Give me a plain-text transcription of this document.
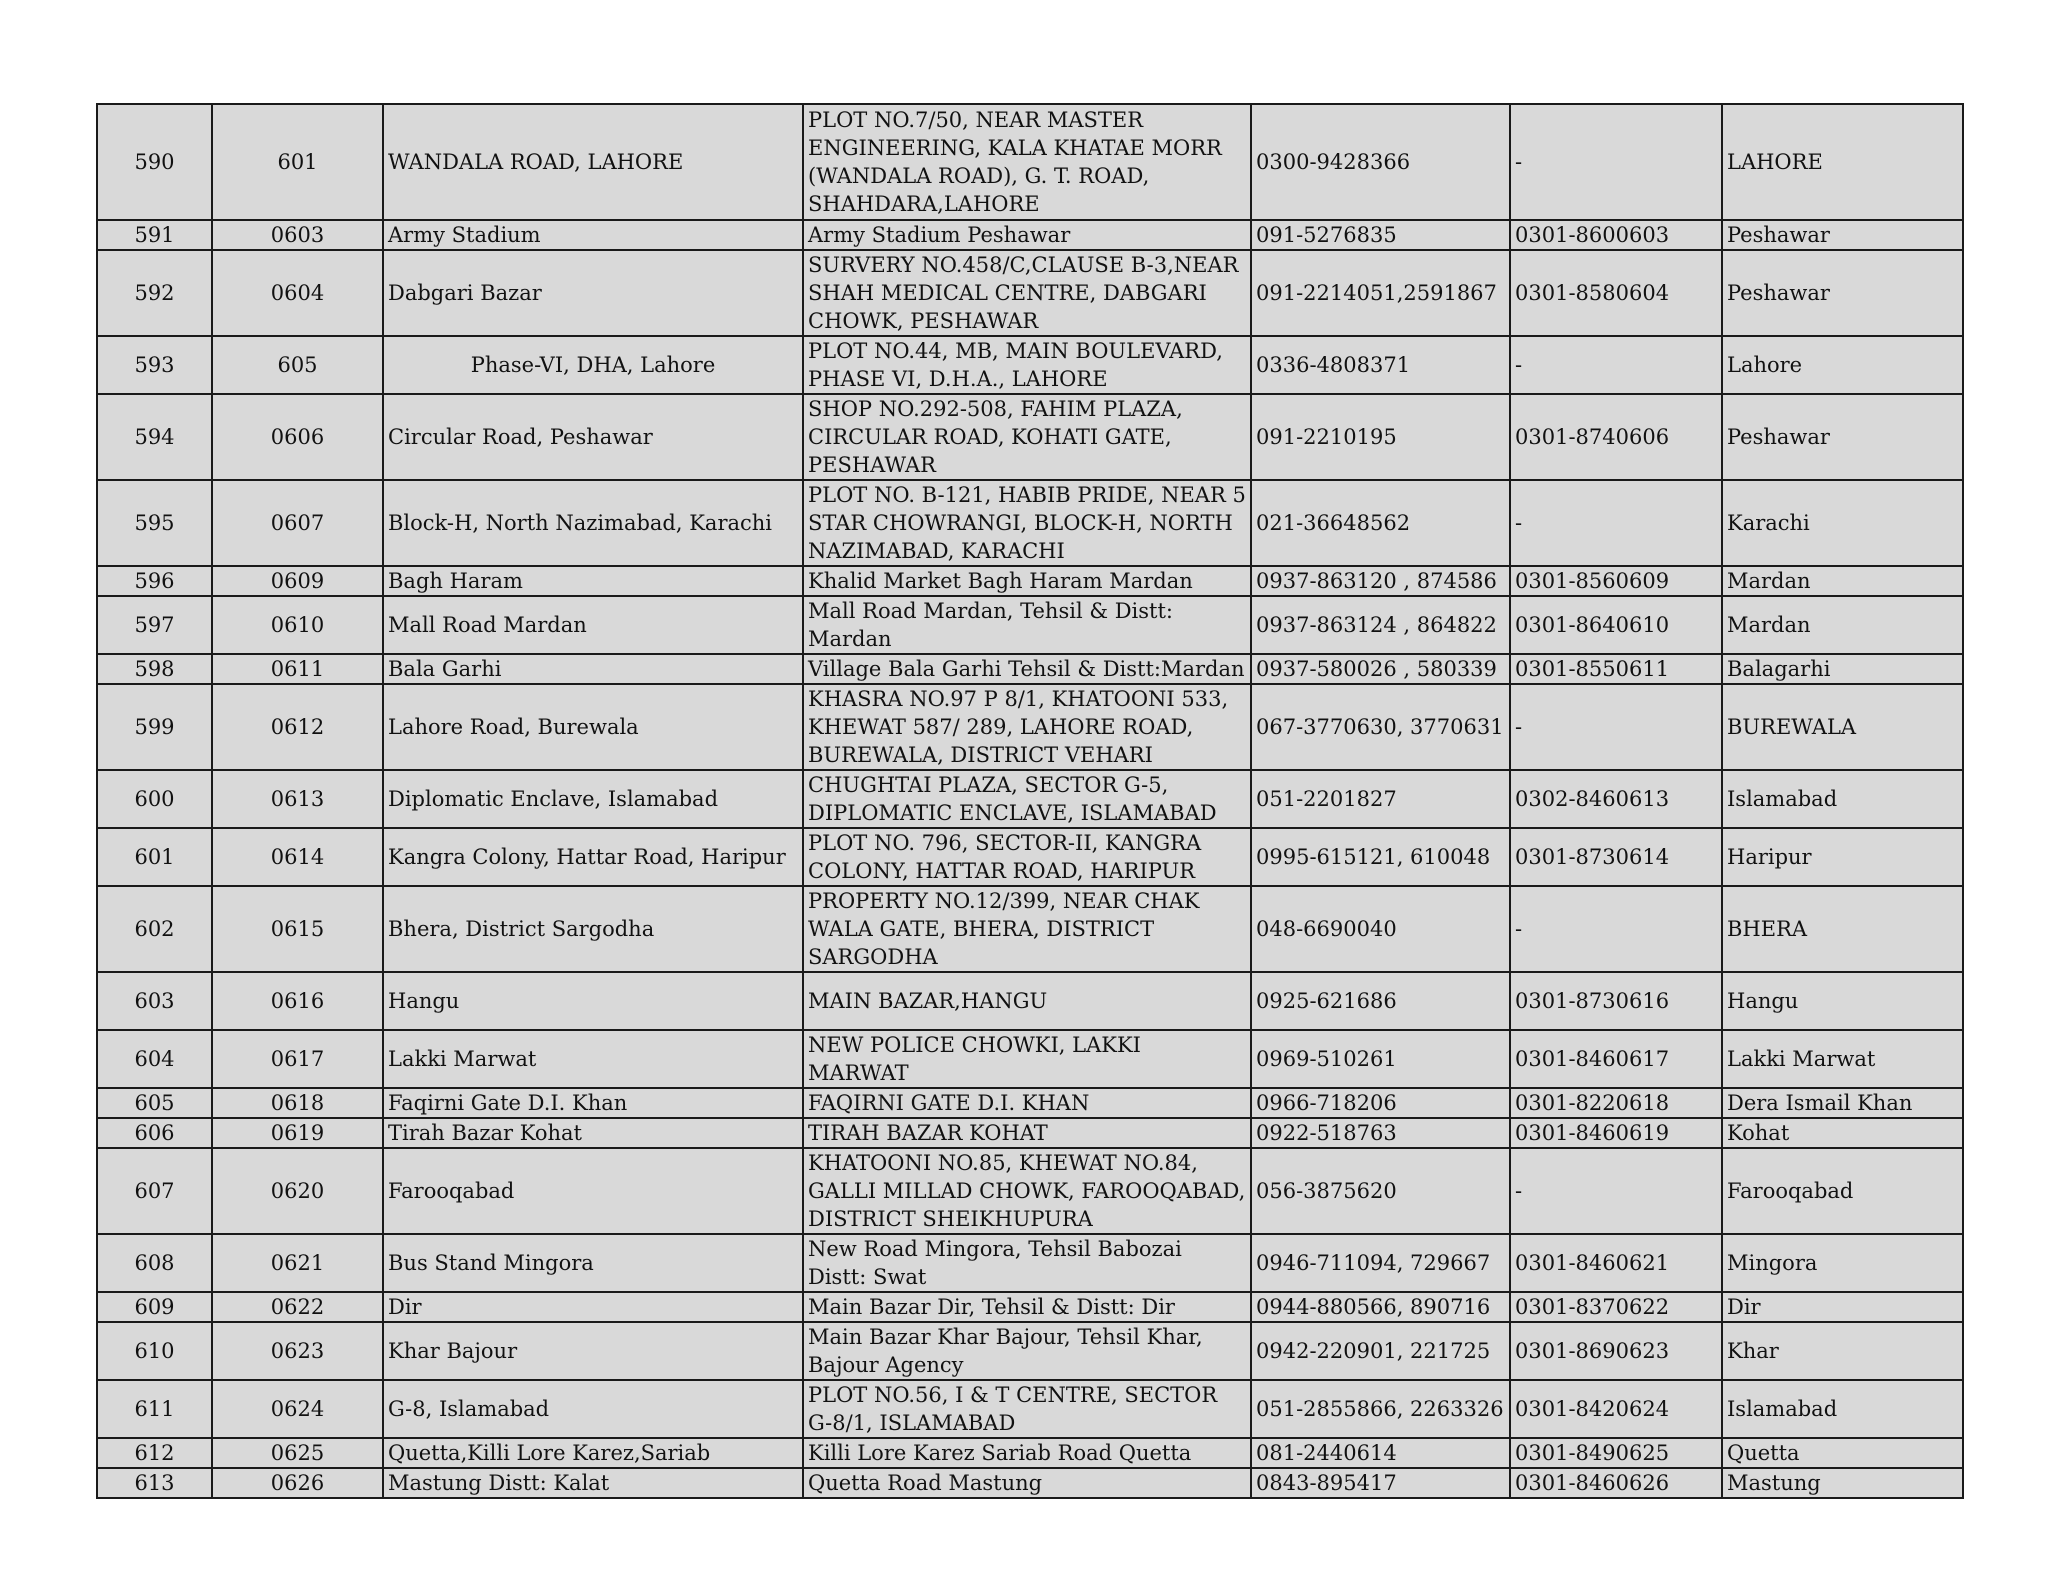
590	601	WANDALA ROAD, LAHORE	PLOT NO.7/50, NEAR MASTER ENGINEERING, KALA KHATAE MORR (WANDALA ROAD), G. T. ROAD, SHAHDARA,LAHORE	0300-9428366	-	LAHORE
591	0603	Army Stadium	Army Stadium Peshawar	091-5276835	0301-8600603	Peshawar
592	0604	Dabgari Bazar	SURVERY NO.458/C,CLAUSE B-3,NEAR SHAH MEDICAL CENTRE, DABGARI CHOWK, PESHAWAR	091-2214051,2591867	0301-8580604	Peshawar
593	605	Phase-VI, DHA, Lahore	PLOT NO.44, MB, MAIN BOULEVARD, PHASE VI, D.H.A., LAHORE	0336-4808371	-	Lahore
594	0606	Circular Road, Peshawar	SHOP NO.292-508, FAHIM PLAZA, CIRCULAR ROAD, KOHATI GATE, PESHAWAR	091-2210195	0301-8740606	Peshawar
595	0607	Block-H, North Nazimabad, Karachi	PLOT NO. B-121, HABIB PRIDE, NEAR 5 STAR CHOWRANGI, BLOCK-H, NORTH NAZIMABAD, KARACHI	021-36648562	-	Karachi
596	0609	Bagh Haram	Khalid Market Bagh Haram Mardan	0937-863120 , 874586	0301-8560609	Mardan
597	0610	Mall Road Mardan	Mall Road Mardan, Tehsil & Distt: Mardan	0937-863124 , 864822	0301-8640610	Mardan
598	0611	Bala Garhi	Village Bala Garhi Tehsil & Distt:Mardan	0937-580026 , 580339	0301-8550611	Balagarhi
599	0612	Lahore Road, Burewala	KHASRA NO.97 P 8/1, KHATOONI 533, KHEWAT 587/ 289, LAHORE ROAD, BUREWALA, DISTRICT VEHARI	067-3770630, 3770631	-	BUREWALA
600	0613	Diplomatic Enclave, Islamabad	CHUGHTAI PLAZA, SECTOR G-5, DIPLOMATIC ENCLAVE, ISLAMABAD	051-2201827	0302-8460613	Islamabad
601	0614	Kangra Colony, Hattar Road, Haripur	PLOT NO. 796, SECTOR-II, KANGRA COLONY, HATTAR ROAD, HARIPUR	0995-615121, 610048	0301-8730614	Haripur
602	0615	Bhera, District Sargodha	PROPERTY NO.12/399, NEAR CHAK WALA GATE, BHERA, DISTRICT SARGODHA	048-6690040	-	BHERA
603	0616	Hangu	MAIN BAZAR,HANGU	0925-621686	0301-8730616	Hangu
604	0617	Lakki Marwat	NEW POLICE CHOWKI, LAKKI MARWAT	0969-510261	0301-8460617	Lakki Marwat
605	0618	Faqirni Gate D.I. Khan	FAQIRNI GATE D.I. KHAN	0966-718206	0301-8220618	Dera Ismail Khan
606	0619	Tirah Bazar Kohat	TIRAH BAZAR KOHAT	0922-518763	0301-8460619	Kohat
607	0620	Farooqabad	KHATOONI NO.85, KHEWAT NO.84, GALLI MILLAD CHOWK, FAROOQABAD, DISTRICT SHEIKHUPURA	056-3875620	-	Farooqabad
608	0621	Bus Stand Mingora	New Road Mingora, Tehsil Babozai Distt: Swat	0946-711094, 729667	0301-8460621	Mingora
609	0622	Dir	Main Bazar Dir, Tehsil & Distt: Dir	0944-880566, 890716	0301-8370622	Dir
610	0623	Khar Bajour	Main Bazar Khar Bajour, Tehsil Khar, Bajour Agency	0942-220901, 221725	0301-8690623	Khar
611	0624	G-8, Islamabad	PLOT NO.56, I & T CENTRE, SECTOR G-8/1, ISLAMABAD	051-2855866, 2263326	0301-8420624	Islamabad
612	0625	Quetta,Killi Lore Karez,Sariab	Killi Lore Karez Sariab Road Quetta	081-2440614	0301-8490625	Quetta
613	0626	Mastung Distt: Kalat	Quetta Road Mastung	0843-895417	0301-8460626	Mastung
